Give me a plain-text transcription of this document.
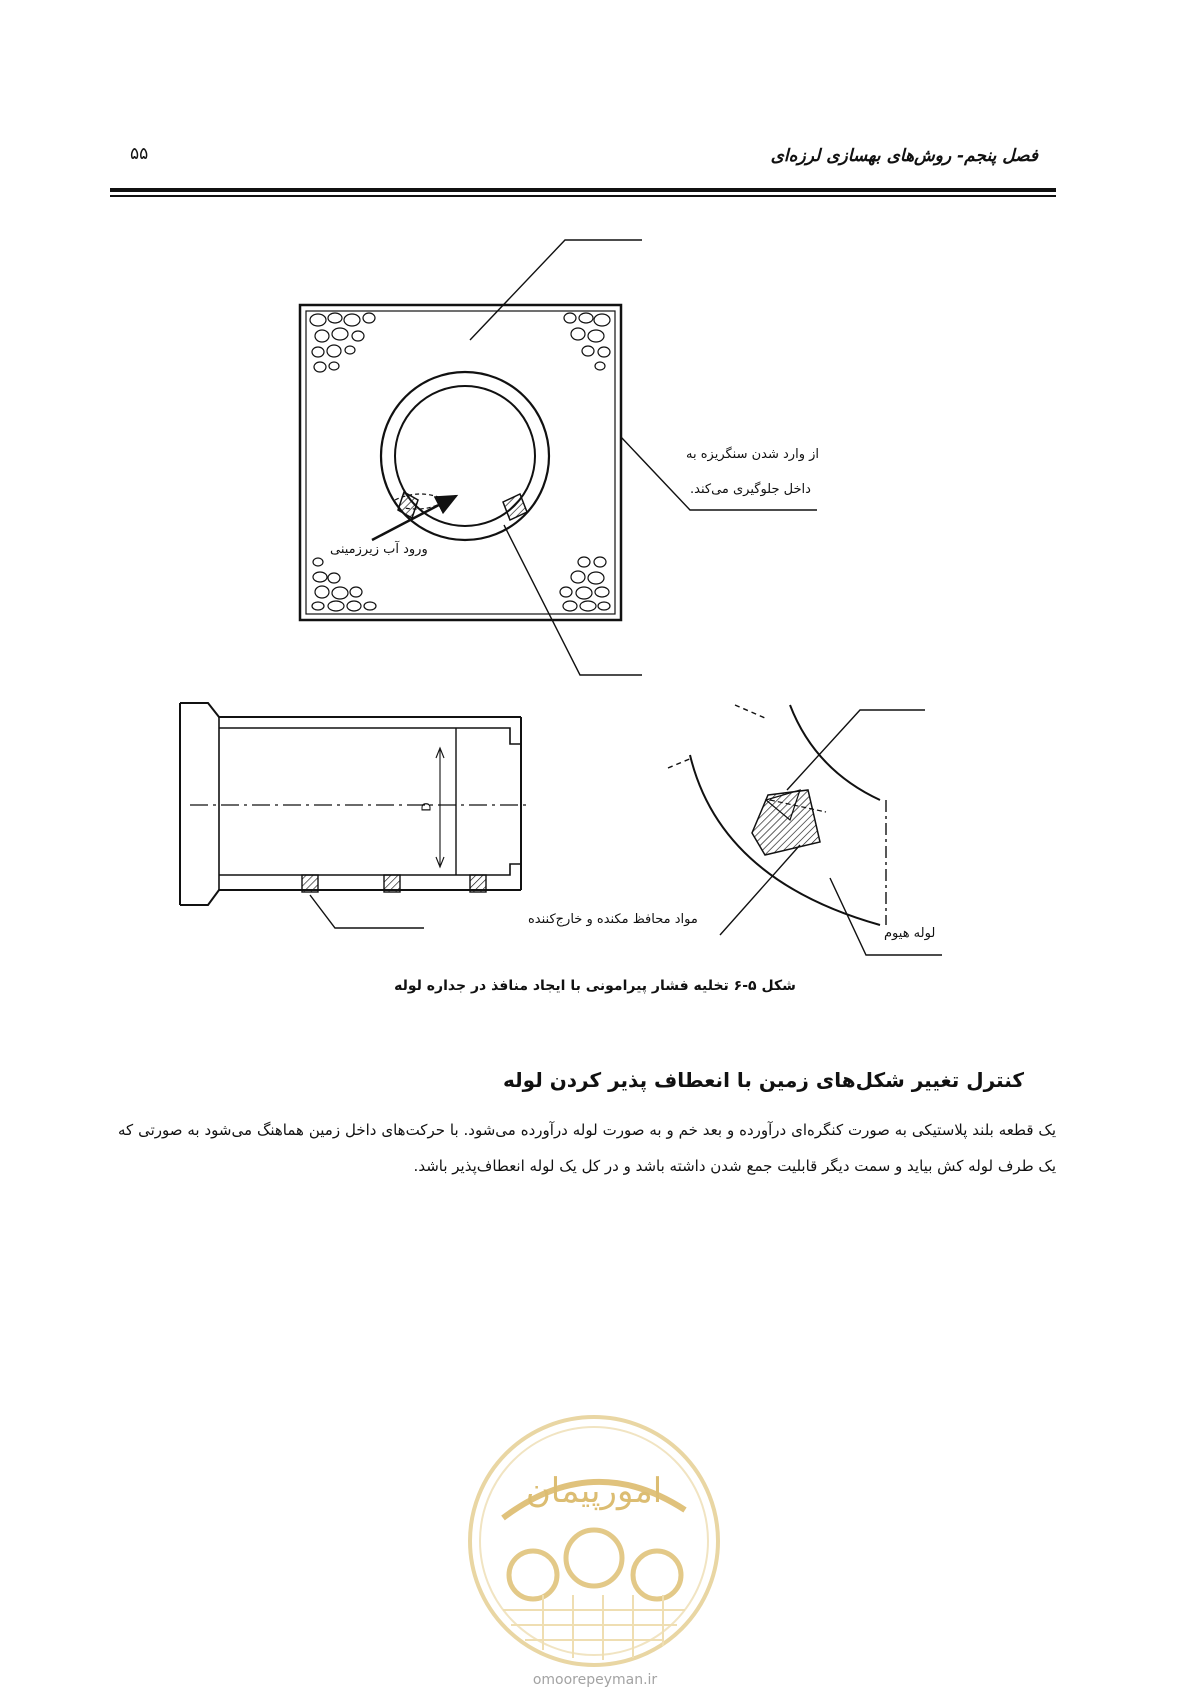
فصل پنجم- روش‌های بهسازی لرزه‌ای
۵۵
از وارد شدن سنگریزه به
داخل جلوگیری می‌کند.
ورود آب زیرزمینی
D
مواد محافظ مکنده و خارج‌کننده
لوله هیوم
شکل ۵-۶ تخلیه فشار پیرامونی با ایجاد منافذ در جداره لوله
کنترل تغییر شکل‌های زمین با انعطاف پذیر کردن لوله
یک قطعه بلند پلاستیکی به صورت کنگره‌ای درآورده و بعد خم و به صورت لوله درآورده می‌شود. با حرکت‌های داخل زمین هماهنگ می‌شود به صورتی که یک طرف لوله کش بیاید و سمت دیگر قابلیت جمع شدن داشته باشد و در کل یک لوله انعطاف‌پذیر باشد.
امورپیمان
omoorepeyman.ir
